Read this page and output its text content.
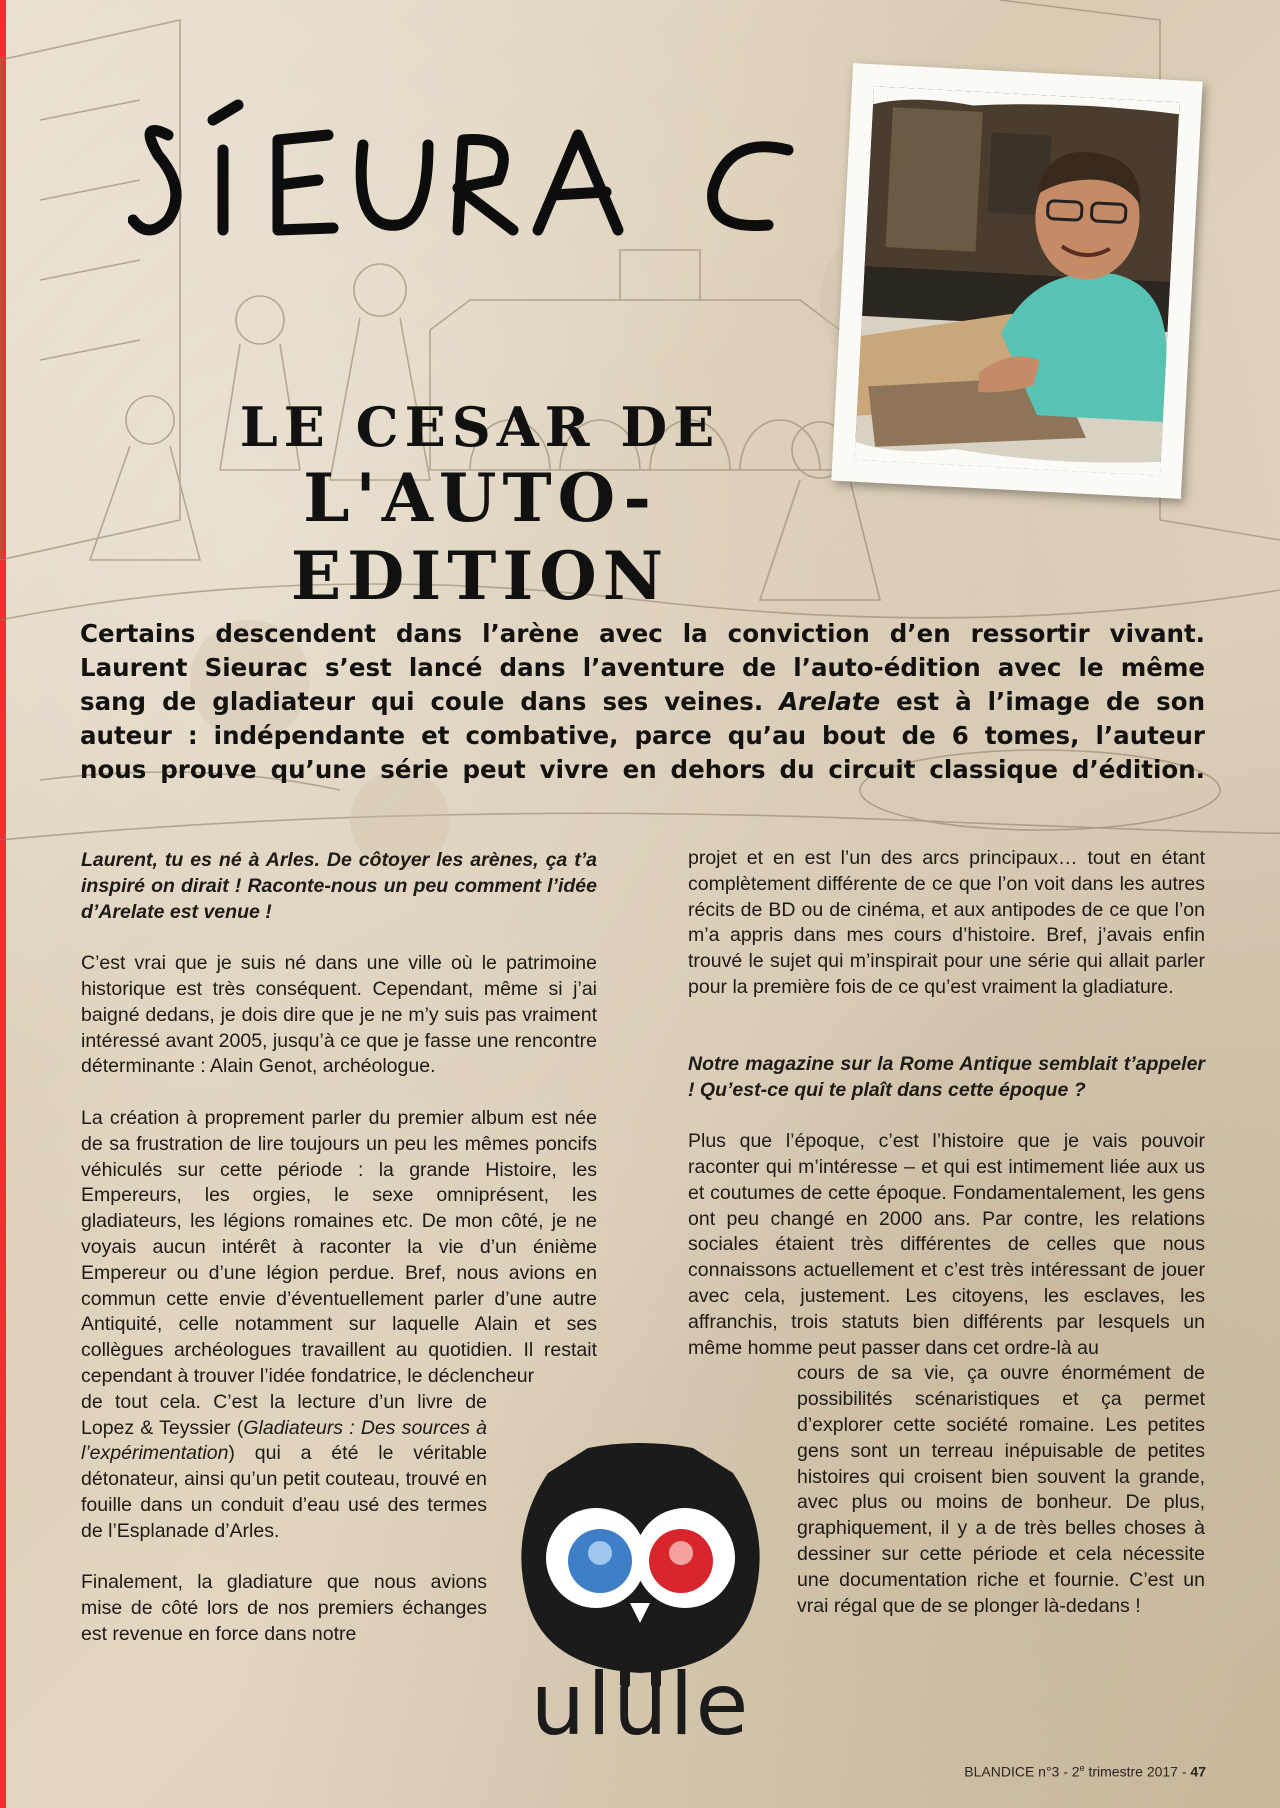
LE CESAR DE
L'AUTO-EDITION

Certains descendent dans l’arène avec la conviction d’en ressortir vivant.

Laurent Sieurac s’est lancé dans l’aventure de l’auto-édition avec le même

sang de gladiateur qui coule dans ses veines. Arelate est à l’image de son

auteur : indépendante et combative, parce qu’au bout de 6 tomes, l’auteur

nous prouve qu’une série peut vivre en dehors du circuit classique d’édition.

Laurent, tu es né à Arles. De côtoyer les arènes, ça t’a inspiré on dirait ! Raconte-nous un peu comment l’idée d’Arelate est venue !

C’est vrai que je suis né dans une ville où le patrimoine historique est très conséquent. Cependant, même si j’ai baigné dedans, je dois dire que je ne m’y suis pas vraiment intéressé avant 2005, jusqu’à ce que je fasse une rencontre déterminante : Alain Genot, archéologue.

La création à proprement parler du premier album est née de sa frustration de lire toujours un peu les mêmes poncifs véhiculés sur cette période : la grande Histoire, les Empereurs, les orgies, le sexe omniprésent, les gladiateurs, les légions romaines etc. De mon côté, je ne voyais aucun intérêt à raconter la vie d’un énième Empereur ou d’une légion perdue. Bref, nous avions en commun cette envie d’éventuellement parler d’une autre Antiquité, celle notamment sur laquelle Alain et ses collègues archéologues travaillent au quotidien. Il restait cependant à trouver l’idée fondatrice, le déclencheur

de tout cela. C’est la lecture d’un livre de Lopez & Teyssier (Gladiateurs : Des sources à l’expérimentation) qui a été le véritable détonateur, ainsi qu’un petit couteau, trouvé en fouille dans un conduit d’eau usé des termes de l’Esplanade d’Arles.

Finalement, la gladiature que nous avions mise de côté lors de nos premiers échanges est revenue en force dans notre

projet et en est l’un des arcs principaux… tout en étant complètement différente de ce que l’on voit dans les autres récits de BD ou de cinéma, et aux antipodes de ce que l’on m’a appris dans mes cours d’histoire. Bref, j’avais enfin trouvé le sujet qui m’inspirait pour une série qui allait parler pour la première fois de ce qu’est vraiment la gladiature.

Notre magazine sur la Rome Antique semblait t’appeler ! Qu’est-ce qui te plaît dans cette époque ?

Plus que l’époque, c’est l’histoire que je vais pouvoir raconter qui m’intéresse – et qui est intimement liée aux us et coutumes de cette époque. Fondamentalement, les gens ont peu changé en 2000 ans. Par contre, les relations sociales étaient très différentes de celles que nous connaissons actuellement et c’est très intéressant de jouer avec cela, justement. Les citoyens, les esclaves, les affranchis, trois statuts bien différents par lesquels un même homme peut passer dans cet ordre-là au

cours de sa vie, ça ouvre énormément de possibilités scénaristiques et ça permet d’explorer cette société romaine. Les petites gens sont un terreau inépuisable de petites histoires qui croisent bien souvent la grande, avec plus ou moins de bonheur. De plus, graphiquement, il y a de très belles choses à dessiner sur cette période et cela nécessite une documentation riche et fournie. C’est un vrai régal que de se plonger là-dedans !

ulule
BLANDICE n°3 - 2e trimestre 2017 - 47
